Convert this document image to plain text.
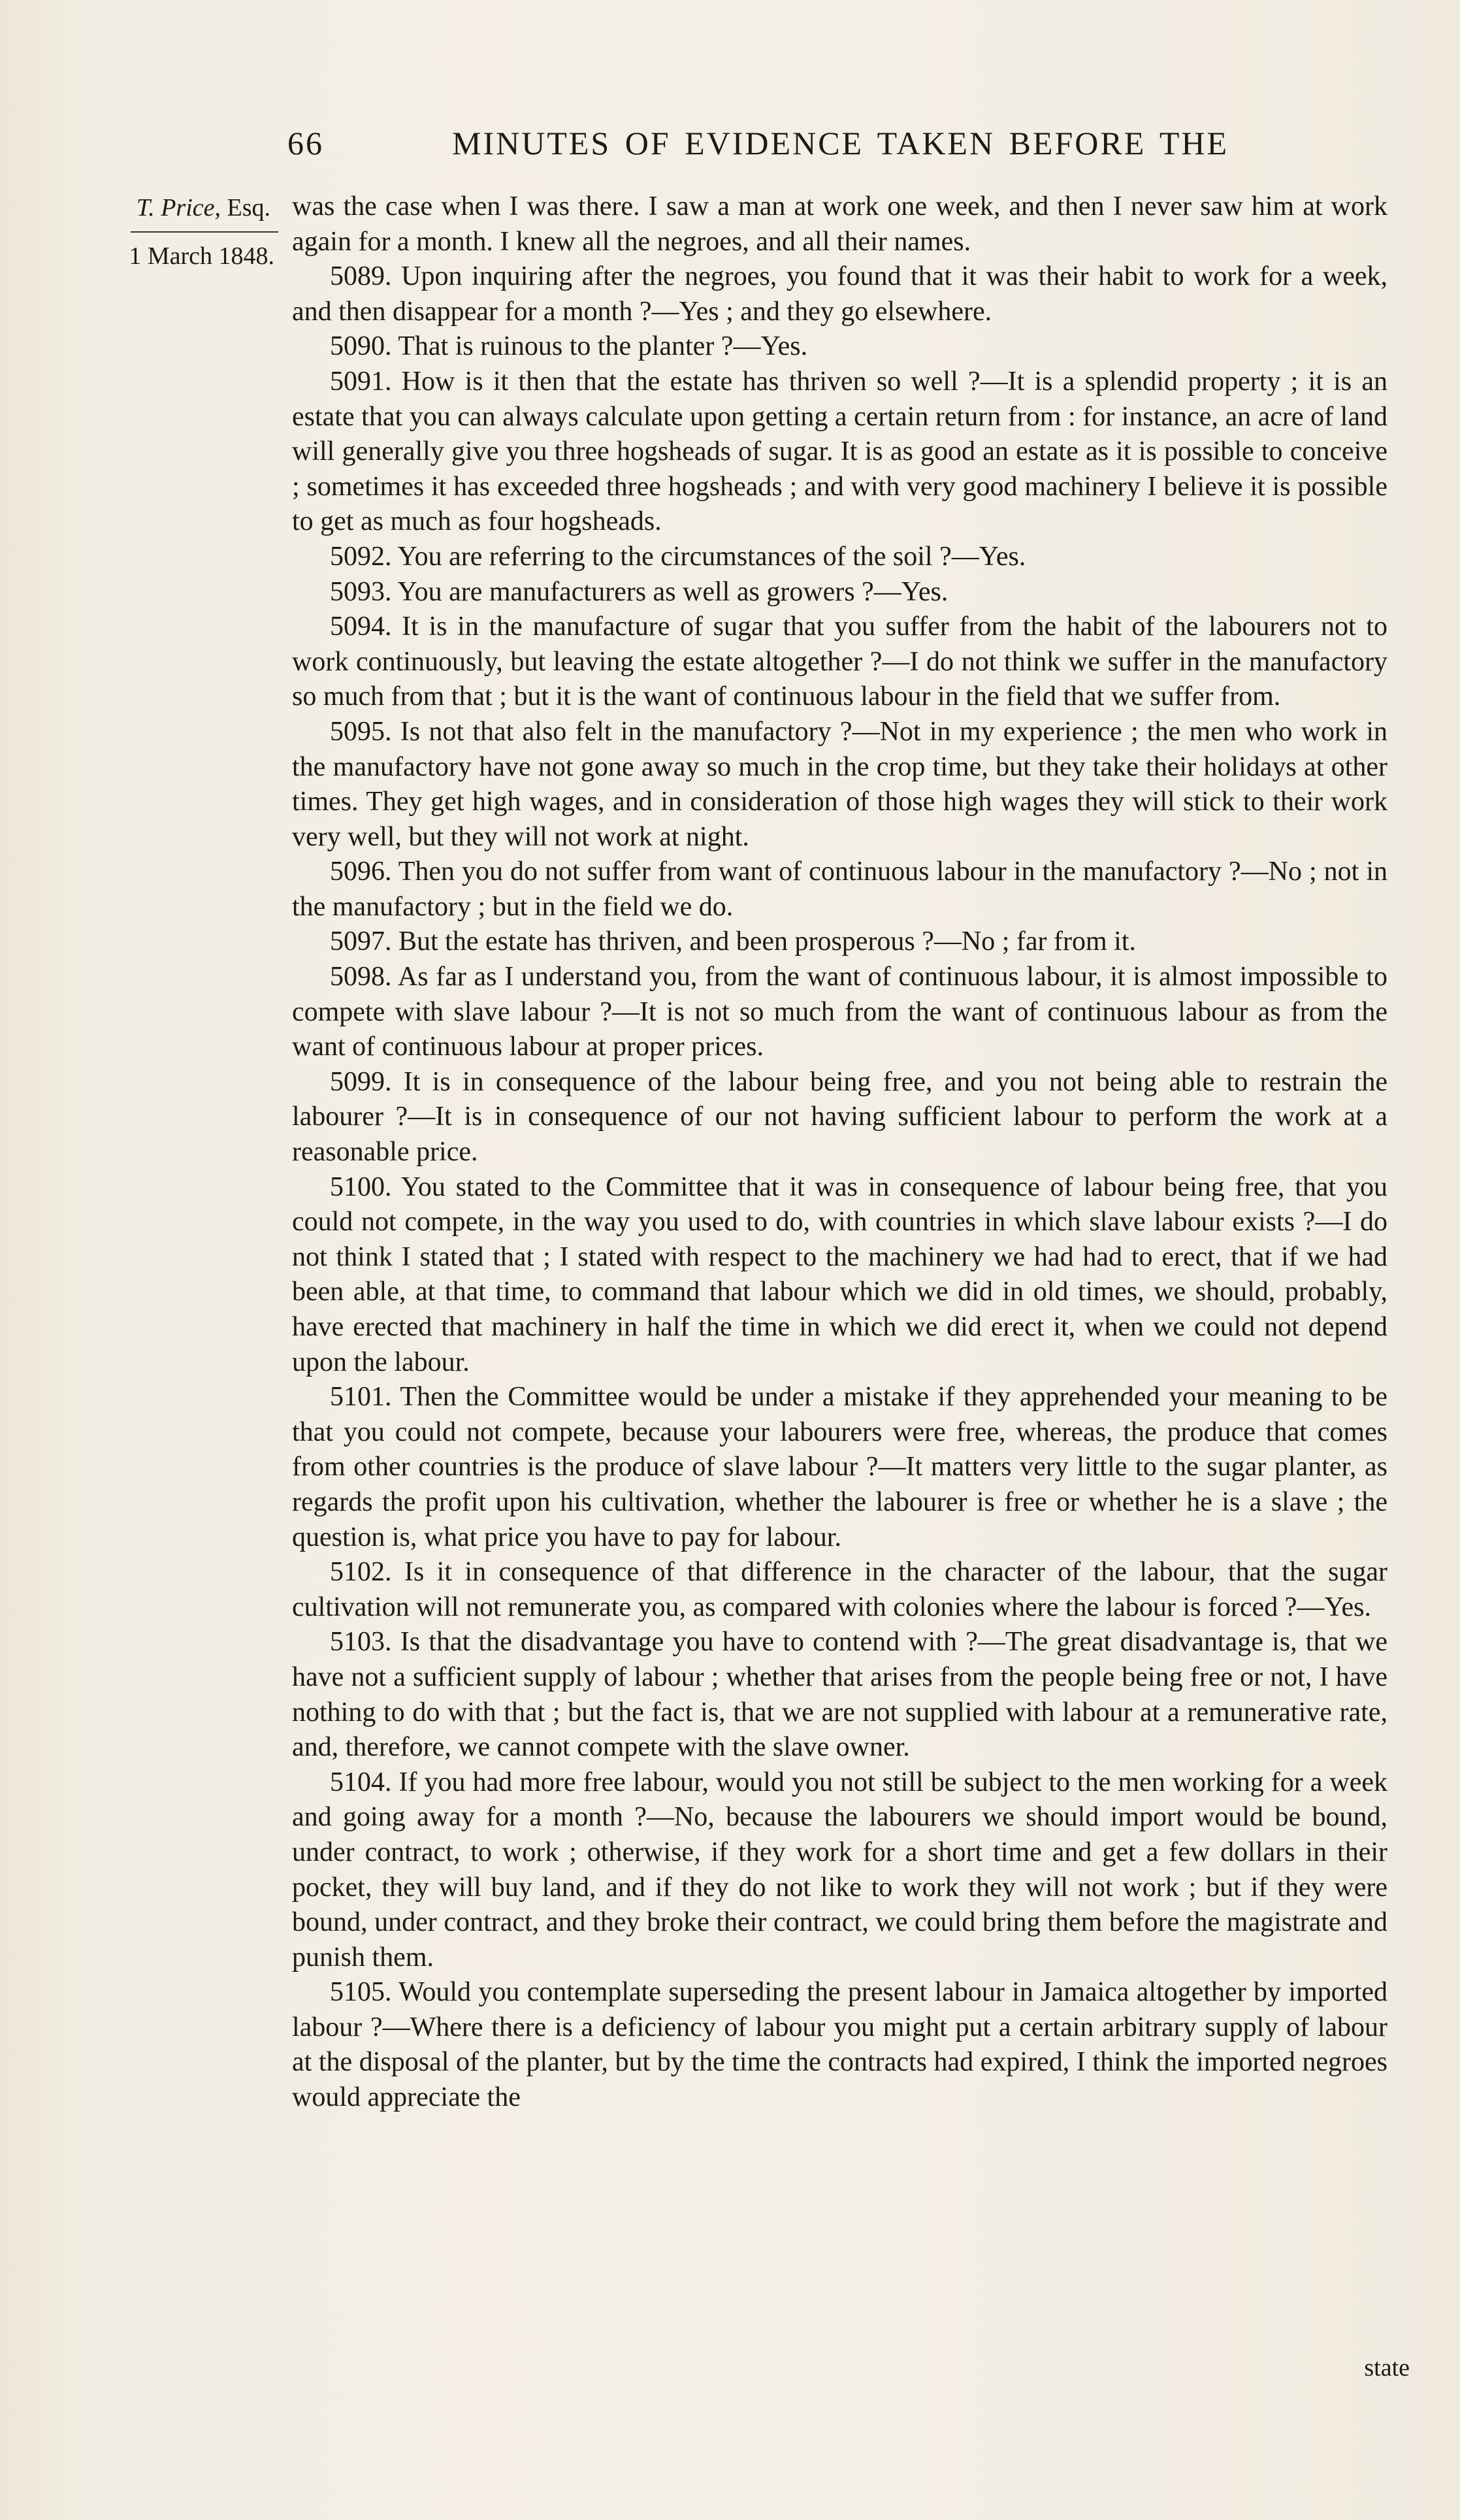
66	MINUTES OF EVIDENCE TAKEN BEFORE THE
T. Price, Esq.
1 March 1848.

was the case when I was there. I saw a man at work one week, and then I never saw him at work again for a month. I knew all the negroes, and all their names.

5089. Upon inquiring after the negroes, you found that it was their habit to work for a week, and then disappear for a month ?—Yes ; and they go elsewhere.

5090. That is ruinous to the planter ?—Yes.

5091. How is it then that the estate has thriven so well ?—It is a splendid property ; it is an estate that you can always calculate upon getting a certain return from : for instance, an acre of land will generally give you three hogsheads of sugar. It is as good an estate as it is possible to conceive ; sometimes it has exceeded three hogsheads ; and with very good machinery I believe it is possible to get as much as four hogsheads.

5092. You are referring to the circumstances of the soil ?—Yes.

5093. You are manufacturers as well as growers ?—Yes.

5094. It is in the manufacture of sugar that you suffer from the habit of the labourers not to work continuously, but leaving the estate altogether ?—I do not think we suffer in the manufactory so much from that ; but it is the want of continuous labour in the field that we suffer from.

5095. Is not that also felt in the manufactory ?—Not in my experience ; the men who work in the manufactory have not gone away so much in the crop time, but they take their holidays at other times. They get high wages, and in consideration of those high wages they will stick to their work very well, but they will not work at night.

5096. Then you do not suffer from want of continuous labour in the manufactory ?—No ; not in the manufactory ; but in the field we do.

5097. But the estate has thriven, and been prosperous ?—No ; far from it.

5098. As far as I understand you, from the want of continuous labour, it is almost impossible to compete with slave labour ?—It is not so much from the want of continuous labour as from the want of continuous labour at proper prices.

5099. It is in consequence of the labour being free, and you not being able to restrain the labourer ?—It is in consequence of our not having sufficient labour to perform the work at a reasonable price.

5100. You stated to the Committee that it was in consequence of labour being free, that you could not compete, in the way you used to do, with countries in which slave labour exists ?—I do not think I stated that ; I stated with respect to the machinery we had had to erect, that if we had been able, at that time, to command that labour which we did in old times, we should, probably, have erected that machinery in half the time in which we did erect it, when we could not depend upon the labour.

5101. Then the Committee would be under a mistake if they apprehended your meaning to be that you could not compete, because your labourers were free, whereas, the produce that comes from other countries is the produce of slave labour ?—It matters very little to the sugar planter, as regards the profit upon his cultivation, whether the labourer is free or whether he is a slave ; the question is, what price you have to pay for labour.

5102. Is it in consequence of that difference in the character of the labour, that the sugar cultivation will not remunerate you, as compared with colonies where the labour is forced ?—Yes.

5103. Is that the disadvantage you have to contend with ?—The great disadvantage is, that we have not a sufficient supply of labour ; whether that arises from the people being free or not, I have nothing to do with that ; but the fact is, that we are not supplied with labour at a remunerative rate, and, therefore, we cannot compete with the slave owner.

5104. If you had more free labour, would you not still be subject to the men working for a week and going away for a month ?—No, because the labourers we should import would be bound, under contract, to work ; otherwise, if they work for a short time and get a few dollars in their pocket, they will buy land, and if they do not like to work they will not work ; but if they were bound, under contract, and they broke their contract, we could bring them before the magistrate and punish them.

5105. Would you contemplate superseding the present labour in Jamaica altogether by imported labour ?—Where there is a deficiency of labour you might put a certain arbitrary supply of labour at the disposal of the planter, but by the time the contracts had expired, I think the imported negroes would appreciate the

state
